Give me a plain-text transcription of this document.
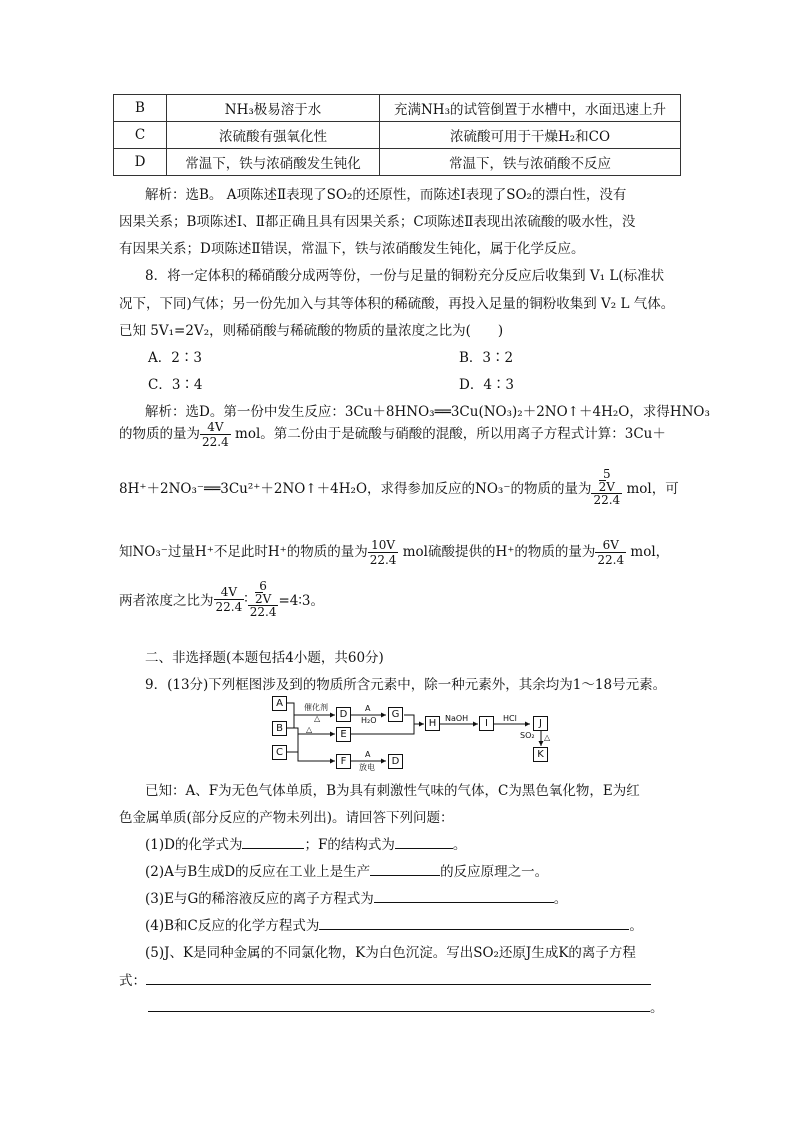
B	NH₃极易溶于水	充满NH₃的试管倒置于水槽中，水面迅速上升
C	浓硫酸有强氧化性	浓硫酸可用于干燥H₂和CO
D	常温下，铁与浓硝酸发生钝化	常温下，铁与浓硝酸不反应
解析：选B。 A项陈述Ⅱ表现了SO₂的还原性，而陈述Ⅰ表现了SO₂的漂白性，没有
因果关系；B项陈述Ⅰ、Ⅱ都正确且具有因果关系；C项陈述Ⅱ表现出浓硫酸的吸水性，没
有因果关系；D项陈述Ⅱ错误，常温下，铁与浓硝酸发生钝化，属于化学反应。
8．将一定体积的稀硝酸分成两等份，一份与足量的铜粉充分反应后收集到 V₁ L(标准状
况下，下同)气体；另一份先加入与其等体积的稀硫酸，再投入足量的铜粉收集到 V₂ L 气体。
已知 5V₁=2V₂，则稀硝酸与稀硫酸的物质的量浓度之比为(　　)
A．2∶3	B．3∶2
C．3∶4	D．4∶3
解析：选D。第一份中发生反应：3Cu＋8HNO₃══3Cu(NO₃)₂＋2NO↑＋4H₂O，求得HNO₃
的物质的量为 $\frac{4V}{22.4}$ mol。第二份由于是硫酸与硝酸的混酸，所以用离子方程式计算：3Cu＋
8H⁺＋2NO₃⁻══3Cu²⁺＋2NO↑＋4H₂O，求得参加反应的NO₃⁻的物质的量为 5
2V
22.4 mol，可
知NO₃⁻过量H⁺不足此时H⁺的物质的量为 $\frac{10V}{22.4}$ mol硫酸提供的H⁺的物质的量为 $\frac{6V}{22.4}$ mol，
两者浓度之比为 $\frac{4V}{22.4}$ ∶ 6
2V
22.4 =4∶3。
二、非选择题(本题包括4小题，共60分)
9．(13分)下列框图涉及到的物质所含元素中，除一种元素外，其余均为1～18号元素。
A
B
C
D
E
F
G
H	I	J
K
D
催化剂
△
A
H₂O
△
NaOH	HCl
SO₂ △
A
放电
已知：A、F为无色气体单质，B为具有刺激性气味的气体，C为黑色氧化物，E为红
色金属单质(部分反应的产物未列出)。请回答下列问题：
(1)D的化学式为	；F的结构式为	。
(2)A与B生成D的反应在工业上是生产	的反应原理之一。
(3)E与G的稀溶液反应的离子方程式为	。
(4)B和C反应的化学方程式为	。
(5)J、K是同种金属的不同氯化物，K为白色沉淀。写出SO₂还原J生成K的离子方程
式：
。
